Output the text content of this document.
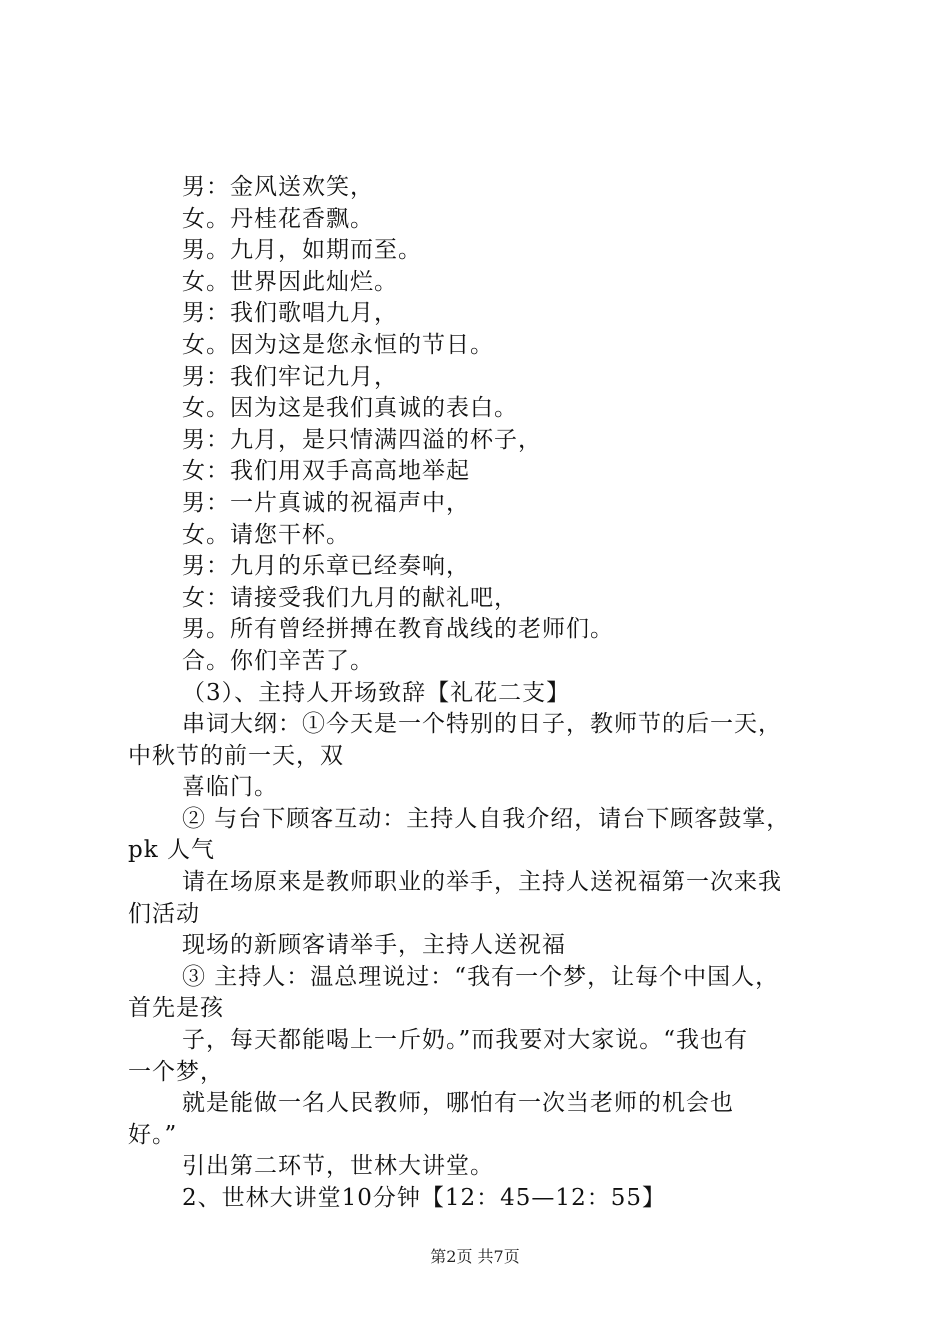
男：金风送欢笑，
女。丹桂花香飘。
男。九月，如期而至。
女。世界因此灿烂。
男：我们歌唱九月，
女。因为这是您永恒的节日。
男：我们牢记九月，
女。因为这是我们真诚的表白。
男：九月，是只情满四溢的杯子，
女：我们用双手高高地举起
男：一片真诚的祝福声中，
女。请您干杯。
男：九月的乐章已经奏响，
女：请接受我们九月的献礼吧，
男。所有曾经拼搏在教育战线的老师们。
合。你们辛苦了。
（3）、主持人开场致辞【礼花二支】
串词大纲：①今天是一个特别的日子，教师节的后一天，
中秋节的前一天，双
喜临门。
② 与台下顾客互动：主持人自我介绍，请台下顾客鼓掌，
pk 人气
请在场原来是教师职业的举手，主持人送祝福第一次来我
们活动
现场的新顾客请举手，主持人送祝福
③ 主持人：温总理说过：“我有一个梦，让每个中国人，
首先是孩
子，每天都能喝上一斤奶。”而我要对大家说。“我也有
一个梦，
就是能做一名人民教师，哪怕有一次当老师的机会也
好。”
引出第二环节，世林大讲堂。
2、世林大讲堂10分钟【12：45—12：55】
第2页 共7页
